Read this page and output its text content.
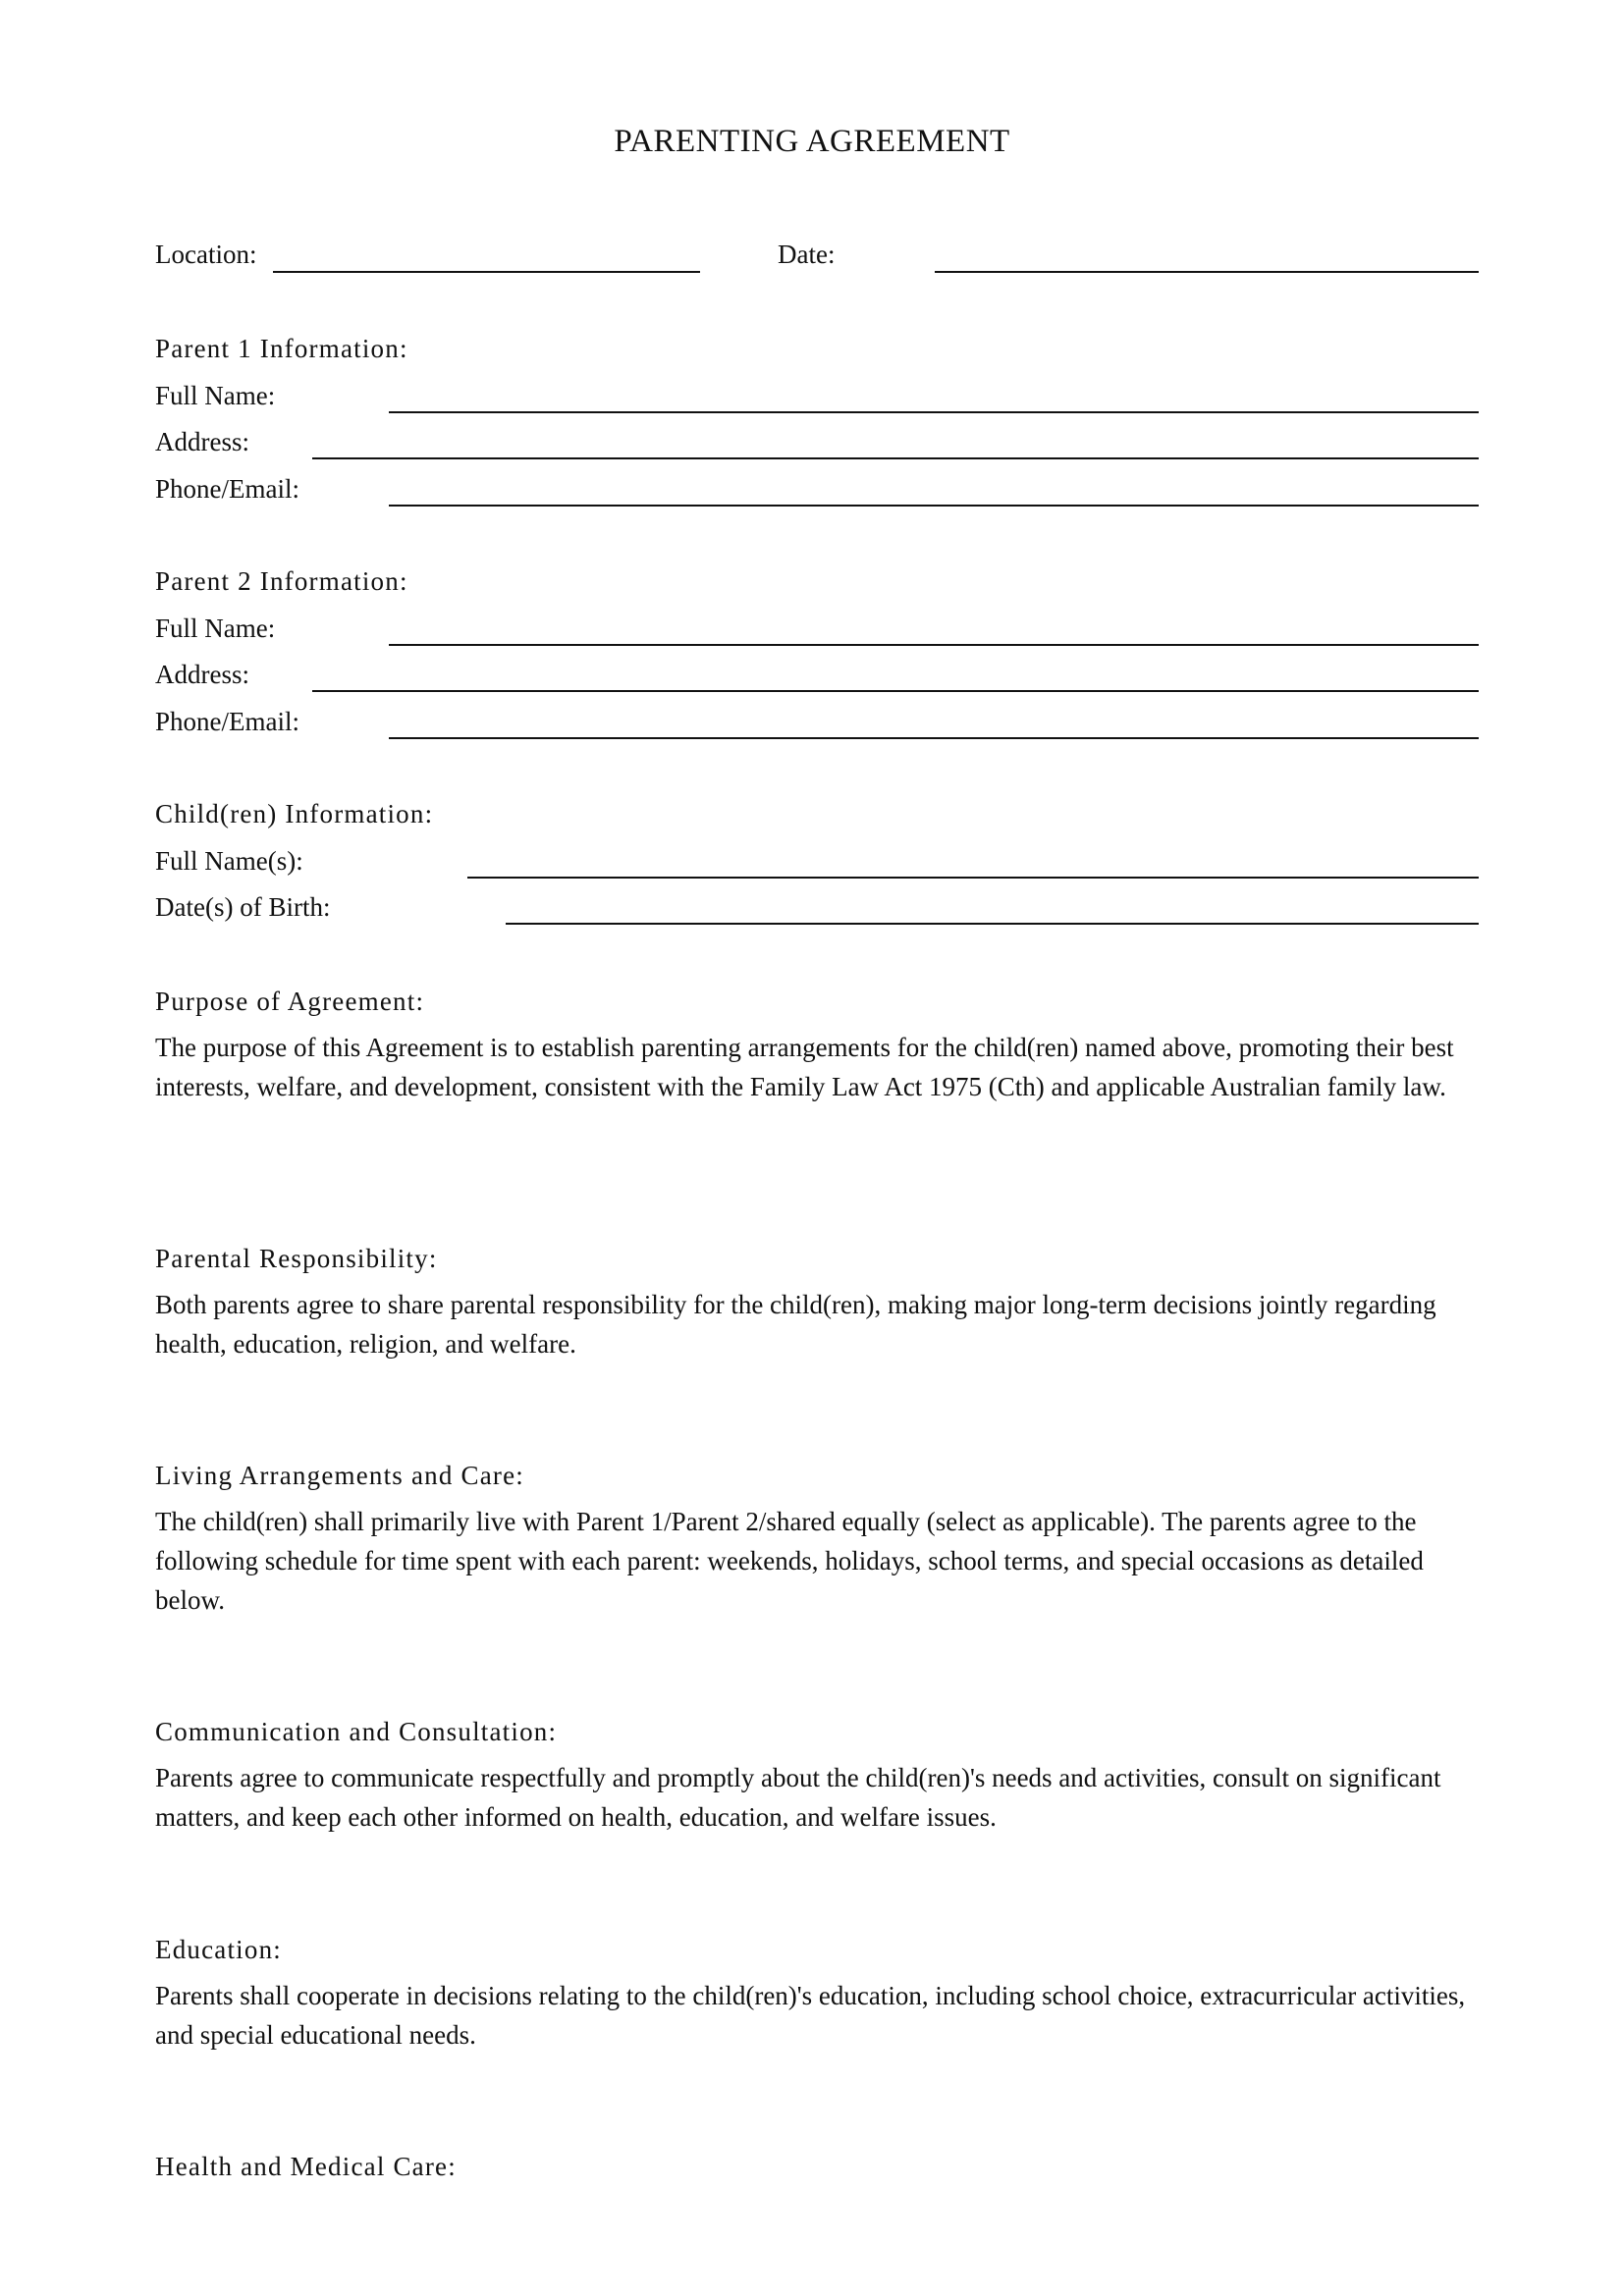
PARENTING AGREEMENT
Location:	Date:
Parent 1 Information:
Full Name:
Address:
Phone/Email:
Parent 2 Information:
Full Name:
Address:
Phone/Email:
Child(ren) Information:
Full Name(s):
Date(s) of Birth:
Purpose of Agreement:
The purpose of this Agreement is to establish parenting arrangements for the child(ren) named above, promoting their best interests, welfare, and development, consistent with the Family Law Act 1975 (Cth) and applicable Australian family law.
Parental Responsibility:
Both parents agree to share parental responsibility for the child(ren), making major long-term decisions jointly regarding health, education, religion, and welfare.
Living Arrangements and Care:
The child(ren) shall primarily live with Parent 1/Parent 2/shared equally (select as applicable). The parents agree to the following schedule for time spent with each parent: weekends, holidays, school terms, and special occasions as detailed below.
Communication and Consultation:
Parents agree to communicate respectfully and promptly about the child(ren)'s needs and activities, consult on significant matters, and keep each other informed on health, education, and welfare issues.
Education:
Parents shall cooperate in decisions relating to the child(ren)'s education, including school choice, extracurricular activities, and special educational needs.
Health and Medical Care:
